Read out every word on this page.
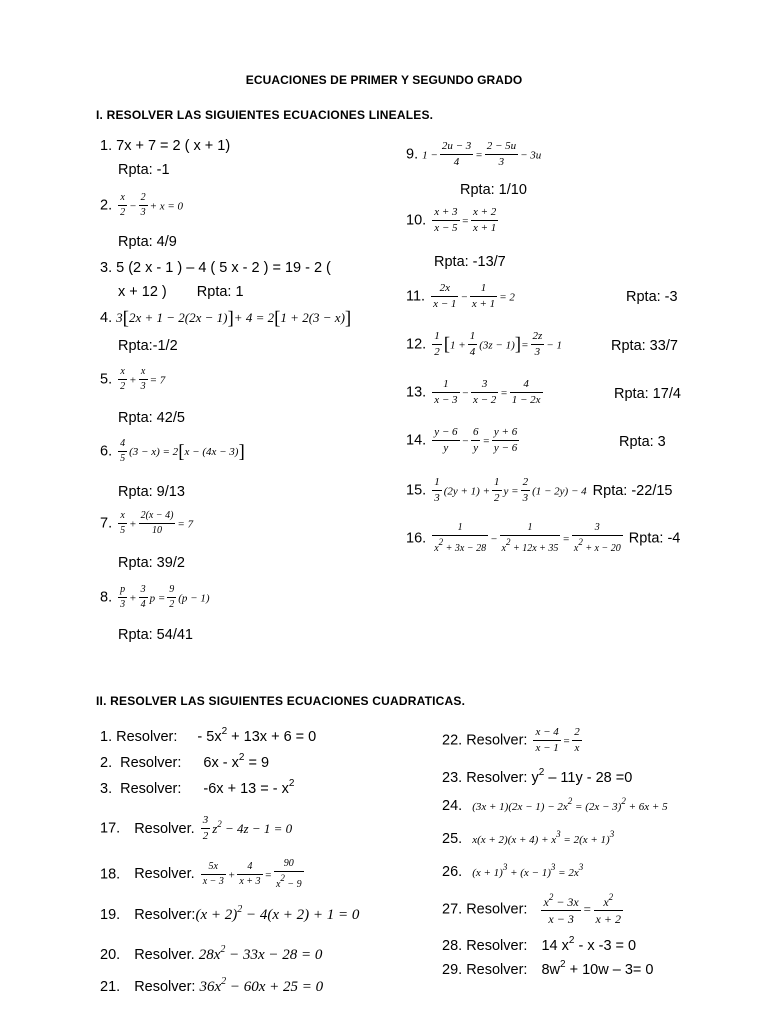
ECUACIONES DE PRIMER Y SEGUNDO GRADO
I. RESOLVER LAS SIGUIENTES ECUACIONES LINEALES.
1. 7x + 7 = 2 ( x + 1)
Rpta: -1
2. $\frac{x}{2} - \frac{2}{3} + x = 0$
Rpta: 4/9
3. 5 (2 x - 1 ) – 4 ( 5 x - 2 ) = 19 - 2 (
x + 12 ) Rpta: 1
4. 3[2x + 1 − 2(2x − 1)]+ 4 = 2[1 + 2(3 − x)]
Rpta:-1/2
5. $\frac{x}{2} + \frac{x}{3} = 7$
Rpta: 42/5
6. $\frac{4}{5} (3 - x) = 2[x - (4x - 3)]$
Rpta: 9/13
7. $\frac{x}{5} + \frac{2(x - 4)}{10} = 7$
Rpta: 39/2
8. $\frac{p}{3} + \frac{3}{4}$ $p = \frac{9}{2} (p - 1)$
Rpta: 54/41
9. $1 - \frac{2u - 3}{4} = \frac{2 - 5u}{3} - 3u$
Rpta: 1/10
10. $\frac{x + 3}{x - 5} = \frac{x + 2}{x + 1}$
Rpta: -13/7
11. $\frac{2x}{x - 1} - \frac{1}{x + 1} = 2$	Rpta: -3
12. $\frac{1}{2} [1 + \frac{1}{4} (3z - 1)]= \frac{2z}{3} - 1$	Rpta: 33/7
13. $\frac{1}{x - 3} - \frac{3}{x - 2} = \frac{4}{1 - 2x}$	Rpta: 17/4
14. $\frac{y - 6}{y} - \frac{6}{y} = \frac{y + 6}{y - 6}$	Rpta: 3
15. $\frac{1}{3} (2y + 1) + \frac{1}{2}$ $y = \frac{2}{3} (1 - 2y) - 4$ Rpta: -22/15
16. $\frac{1}{x2 + 3x - 28} - \frac{1}{x2 + 12x + 35} = \frac{3}{x2 + x - 20}$ Rpta: -4
II. RESOLVER LAS SIGUIENTES ECUACIONES CUADRATICAS.
1. Resolver: - $5x^2 + 13x + 6 = 0$
2. Resolver: $6x - x^2 = 9$
3. Resolver: -6x + 13 = - $x^2$
17. Resolver. $\frac{3}{2} z^2 - 4z - 1 = 0$
18. Resolver. $\frac{5x}{x - 3} + \frac{4}{x + 3} = \frac{90}{x2 - 9}$
19. Resolver:(x + 2)$^2$ − 4(x + 2) + 1 = 0
20. Resolver. $28x^2 - 33x - 28 = 0$
21. Resolver: $36x^2 - 60x + 25 = 0$
22. Resolver: $\frac{x - 4}{x - 1} = \frac{2}{x}$
23. Resolver: $y^2 - 11y - 28 =0$
24. $(3x + 1)(2x - 1) - 2x^2 = (2x - 3)^2 + 6x + 5$
25. $x(x + 2)(x + 4) + x^3 = 2(x + 1)^3$
26. $(x + 1)^3 + (x - 1)^3 = 2x^3$
27. Resolver: $\frac{x^2 - 3x}{x - 3} = \frac{x^2}{x + 2}$
28. Resolver: 14 $x^2$ - x -3 = 0
29. Resolver: $8w^2 + 10w - 3= 0$
